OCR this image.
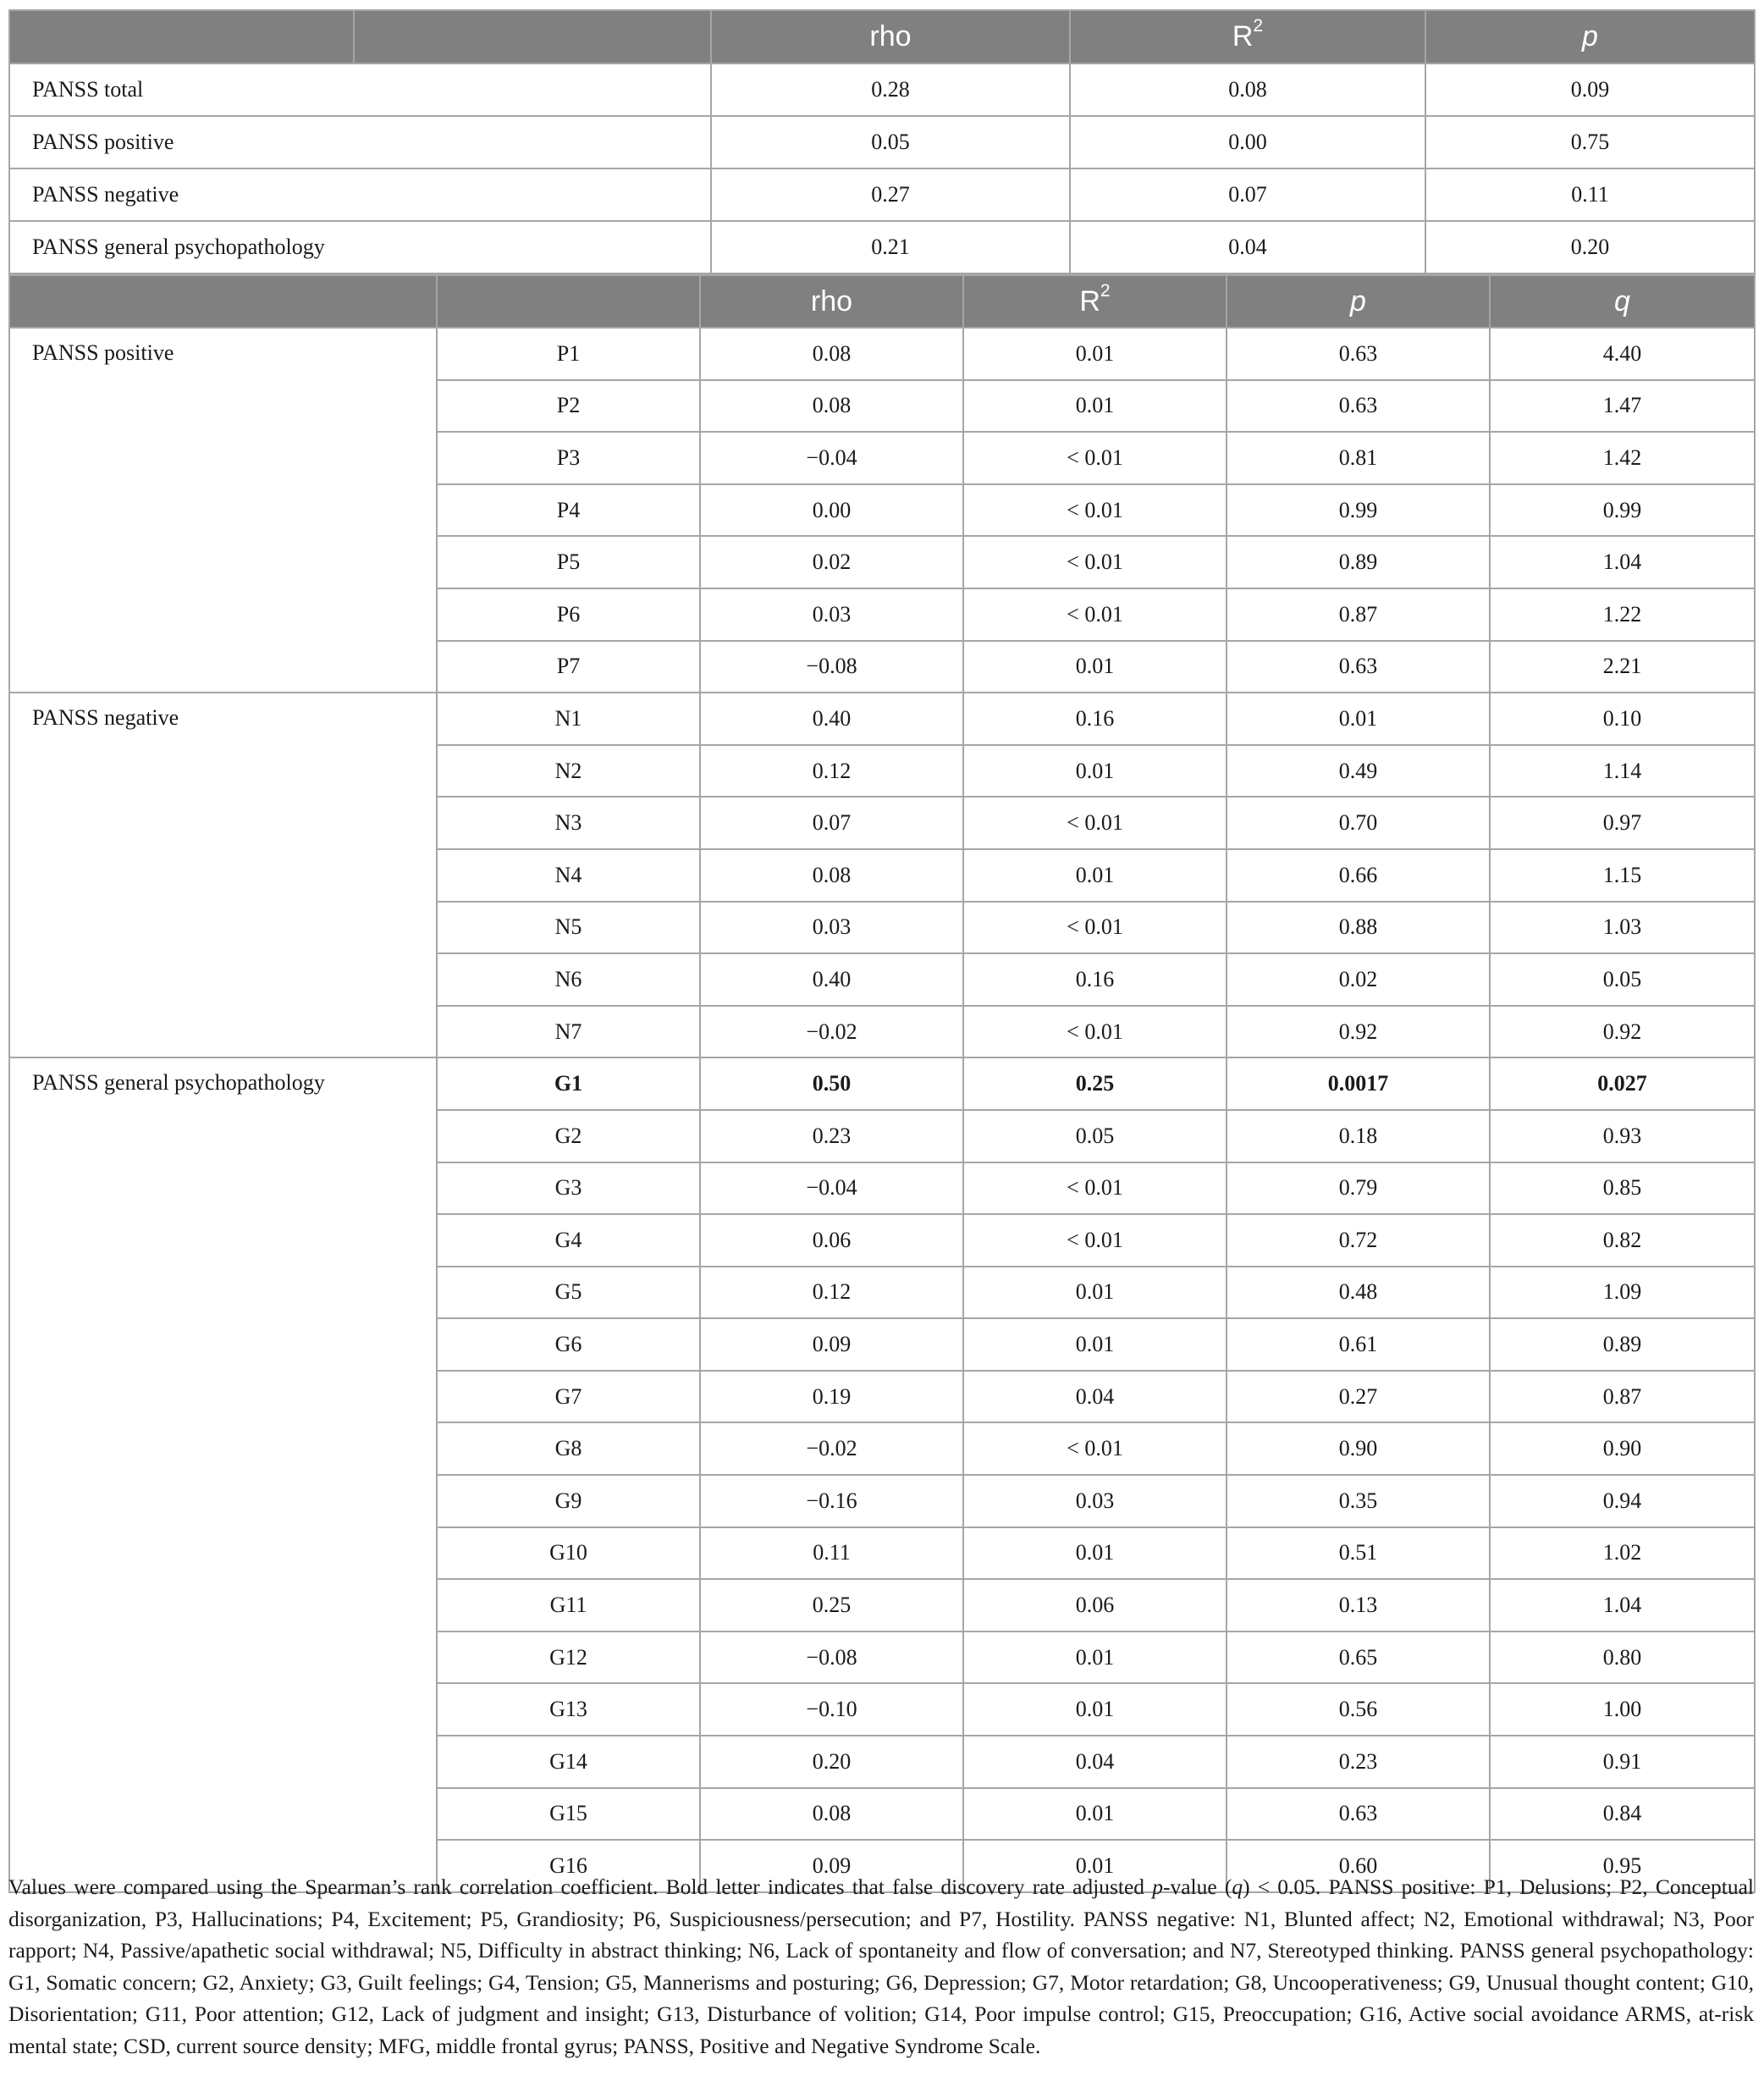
		rho	$R^2$	p
PANSS total		0.28	0.08	0.09
PANSS positive		0.05	0.00	0.75
PANSS negative		0.27	0.07	0.11
PANSS general psychopathology		0.21	0.04	0.20
		rho	$R^2$	p	q
PANSS positive	P1	0.08	0.01	0.63	4.40
	P2	0.08	0.01	0.63	1.47
	P3	−0.04	< 0.01	0.81	1.42
	P4	0.00	< 0.01	0.99	0.99
	P5	0.02	< 0.01	0.89	1.04
	P6	0.03	< 0.01	0.87	1.22
	P7	−0.08	0.01	0.63	2.21
PANSS negative	N1	0.40	0.16	0.01	0.10
	N2	0.12	0.01	0.49	1.14
	N3	0.07	< 0.01	0.70	0.97
	N4	0.08	0.01	0.66	1.15
	N5	0.03	< 0.01	0.88	1.03
	N6	0.40	0.16	0.02	0.05
	N7	−0.02	< 0.01	0.92	0.92
PANSS general psychopathology	G1	0.50	0.25	0.0017	0.027
	G2	0.23	0.05	0.18	0.93
	G3	−0.04	< 0.01	0.79	0.85
	G4	0.06	< 0.01	0.72	0.82
	G5	0.12	0.01	0.48	1.09
	G6	0.09	0.01	0.61	0.89
	G7	0.19	0.04	0.27	0.87
	G8	−0.02	< 0.01	0.90	0.90
	G9	−0.16	0.03	0.35	0.94
	G10	0.11	0.01	0.51	1.02
	G11	0.25	0.06	0.13	1.04
	G12	−0.08	0.01	0.65	0.80
	G13	−0.10	0.01	0.56	1.00
	G14	0.20	0.04	0.23	0.91
	G15	0.08	0.01	0.63	0.84
	G16	0.09	0.01	0.60	0.95

Values were compared using the Spearman’s rank correlation coefficient. Bold letter indicates that false discovery rate adjusted p-value (q) < 0.05. PANSS positive: P1, Delusions; P2, Conceptual disorganization, P3, Hallucinations; P4, Excitement; P5, Grandiosity; P6, Suspiciousness/persecution; and P7, Hostility. PANSS negative: N1, Blunted affect; N2, Emotional withdrawal; N3, Poor rapport; N4, Passive/apathetic social withdrawal; N5, Difficulty in abstract thinking; N6, Lack of spontaneity and flow of conversation; and N7, Stereotyped thinking. PANSS general psychopathology: G1, Somatic concern; G2, Anxiety; G3, Guilt feelings; G4, Tension; G5, Mannerisms and posturing; G6, Depression; G7, Motor retardation; G8, Uncooperativeness; G9, Unusual thought content; G10, Disorientation; G11, Poor attention; G12, Lack of judgment and insight; G13, Disturbance of volition; G14, Poor impulse control; G15, Preoccupation; G16, Active social avoidance ARMS, at-risk mental state; CSD, current source density; MFG, middle frontal gyrus; PANSS, Positive and Negative Syndrome Scale.
